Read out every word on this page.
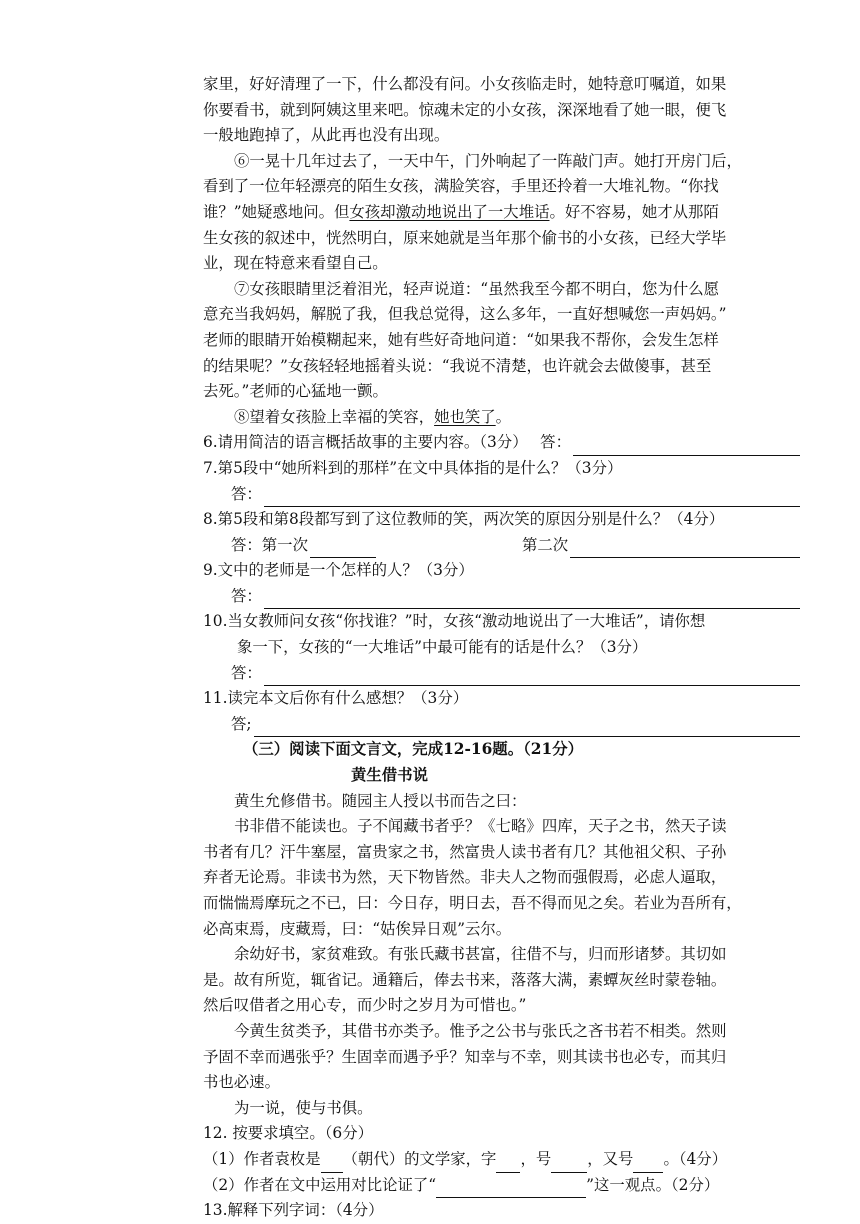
家里，好好清理了一下，什么都没有问。小女孩临走时，她特意叮嘱道，如果
你要看书，就到阿姨这里来吧。惊魂未定的小女孩，深深地看了她一眼，便飞
一般地跑掉了，从此再也没有出现。
⑥一晃十几年过去了，一天中午，门外响起了一阵敲门声。她打开房门后，
看到了一位年轻漂亮的陌生女孩，满脸笑容，手里还拎着一大堆礼物。“你找
谁？”她疑惑地问。但女孩却激动地说出了一大堆话。好不容易，她才从那陌
生女孩的叙述中，恍然明白，原来她就是当年那个偷书的小女孩，已经大学毕
业，现在特意来看望自己。
⑦女孩眼睛里泛着泪光，轻声说道：“虽然我至今都不明白，您为什么愿
意充当我妈妈，解脱了我，但我总觉得，这么多年，一直好想喊您一声妈妈。”
老师的眼睛开始模糊起来，她有些好奇地问道：“如果我不帮你，会发生怎样
的结果呢？”女孩轻轻地摇着头说：“我说不清楚，也许就会去做傻事，甚至
去死。”老师的心猛地一颤。
⑧望着女孩脸上幸福的笑容，她也笑了。
6.请用简洁的语言概括故事的主要内容。（3分）　 答：
7.第5段中“她所料到的那样”在文中具体指的是什么？（3分）
答：
8.第5段和第8段都写到了这位教师的笑，两次笑的原因分别是什么？（4分）
答：第一次	第二次
9.文中的老师是一个怎样的人？（3分）
答：
10.当女教师问女孩“你找谁？”时，女孩“激动地说出了一大堆话”，请你想
象一下，女孩的“一大堆话”中最可能有的话是什么？（3分）
答：
11.读完本文后你有什么感想？（3分）
答;
（三）阅读下面文言文，完成12-16题。（21分）
黄生借书说
黄生允修借书。随园主人授以书而告之曰：
书非借不能读也。子不闻藏书者乎？《七略》四库，天子之书，然天子读
书者有几？汗牛塞屋，富贵家之书，然富贵人读书者有几？其他祖父积、子孙
弃者无论焉。非读书为然，天下物皆然。非夫人之物而强假焉，必虑人逼取，
而惴惴焉摩玩之不已，曰：今日存，明日去，吾不得而见之矣。若业为吾所有，
必高束焉，庋藏焉，曰：“姑俟异日观”云尔。
余幼好书，家贫难致。有张氏藏书甚富，往借不与，归而形诸梦。其切如
是。故有所览，辄省记。通籍后，俸去书来，落落大满，素蟫灰丝时蒙卷轴。
然后叹借者之用心专，而少时之岁月为可惜也。”
今黄生贫类予，其借书亦类予。惟予之公书与张氏之吝书若不相类。然则
予固不幸而遇张乎？生固幸而遇予乎？知幸与不幸，则其读书也必专，而其归
书也必速。
为一说，使与书俱。
12. 按要求填空。（6分）
（1）作者袁枚是 （朝代）的文学家，字 ，号 ，又号 。（4分）
（2）作者在文中运用对比论证了“	”这一观点。（2分）
13.解释下列字词：（4分）
